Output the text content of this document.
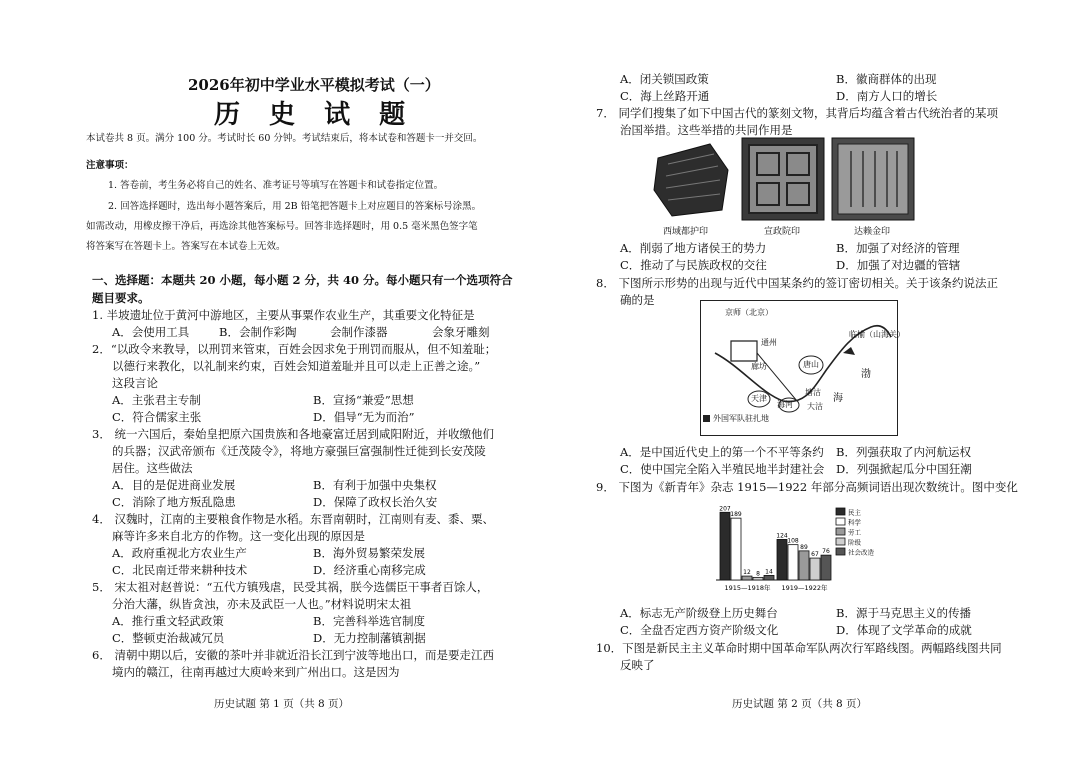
2026年初中学业水平模拟考试（一）
历 史 试 题
本试卷共 8 页。满分 100 分。考试时长 60 分钟。考试结束后，将本试卷和答题卡一并交回。
注意事项：
1. 答卷前，考生务必将自己的姓名、准考证号等填写在答题卡和试卷指定位置。
2. 回答选择题时，选出每小题答案后，用 2B 铅笔把答题卡上对应题目的答案标号涂黑。
如需改动，用橡皮擦干净后，再选涂其他答案标号。回答非选择题时，用 0.5 毫米黑色签字笔
将答案写在答题卡上。答案写在本试卷上无效。
一、选择题：本题共 20 小题，每小题 2 分，共 40 分。每小题只有一个选项符合
题目要求。
1. 半坡遗址位于黄河中游地区，主要从事粟作农业生产，其重要文化特征是
A．会使用工具	B．会制作彩陶	会制作漆器	会象牙雕刻
2．“以政令来教导，以刑罚来管束，百姓会因求免于刑罚而服从，但不知羞耻；
以德行来教化，以礼制来约束，百姓会知道羞耻并且可以走上正善之途。”
这段言论
A．主张君主专制	B．宣扬“兼爱”思想
C．符合儒家主张	D．倡导“无为而治”
3． 统一六国后，秦始皇把原六国贵族和各地豪富迁居到咸阳附近，并收缴他们
的兵器；汉武帝颁布《迁茂陵令》，将地方豪强巨富强制性迁徙到长安茂陵
居住。这些做法
A．目的是促进商业发展	B．有利于加强中央集权
C．消除了地方叛乱隐患	D．保障了政权长治久安
4． 汉魏时，江南的主要粮食作物是水稻。东晋南朝时，江南则有麦、黍、粟、
麻等许多来自北方的作物。这一变化出现的原因是
A．政府重视北方农业生产	B．海外贸易繁荣发展
C．北民南迁带来耕种技术	D．经济重心南移完成
5． 宋太祖对赵普说：“五代方镇残虐，民受其祸，朕今选儒臣干事者百馀人，
分治大藩，纵皆贪浊，亦未及武臣一人也。”材料说明宋太祖
A．推行重文轻武政策	B．完善科举选官制度
C．整顿吏治裁减冗员	D．无力控制藩镇割据
6． 清朝中期以后，安徽的茶叶并非就近沿长江到宁波等地出口，而是要走江西
境内的赣江，往南再越过大庾岭来到广州出口。这是因为
历史试题 第 1 页（共 8 页）
A．闭关锁国政策	B．徽商群体的出现
C．海上丝路开通	D．南方人口的增长
7． 同学们搜集了如下中国古代的篆刻文物，其背后均蕴含着古代统治者的某项
治国举措。这些举措的共同作用是
西域都护印	宣政院印	达赖金印
A．削弱了地方诸侯王的势力	B．加强了对经济的管理
C．推动了与民族政权的交往	D．加强了对边疆的管辖
8． 下图所示形势的出现与近代中国某条约的签订密切相关。关于该条约说法正
确的是
京师（北京）
通州
廊坊	唐山
临榆（山海关）
天津
塘沽
海河 大沽
渤
海
外国军队驻扎地
A．是中国近代史上的第一个不平等条约 B．列强获取了内河航运权
C．使中国完全陷入半殖民地半封建社会 D．列强掀起瓜分中国狂潮
9． 下图为《新青年》杂志 1915—1922 年部分高频词语出现次数统计。图中变化
207
189
12 8 14
1915—1918年
124
108
89
67 76
1919—1922年
民主
科学
劳工
阶级
社会改造
A．标志无产阶级登上历史舞台	B．源于马克思主义的传播
C．全盘否定西方资产阶级文化	D．体现了文学革命的成就
10．下图是新民主主义革命时期中国革命军队两次行军路线图。两幅路线图共同
反映了
历史试题 第 2 页（共 8 页）
